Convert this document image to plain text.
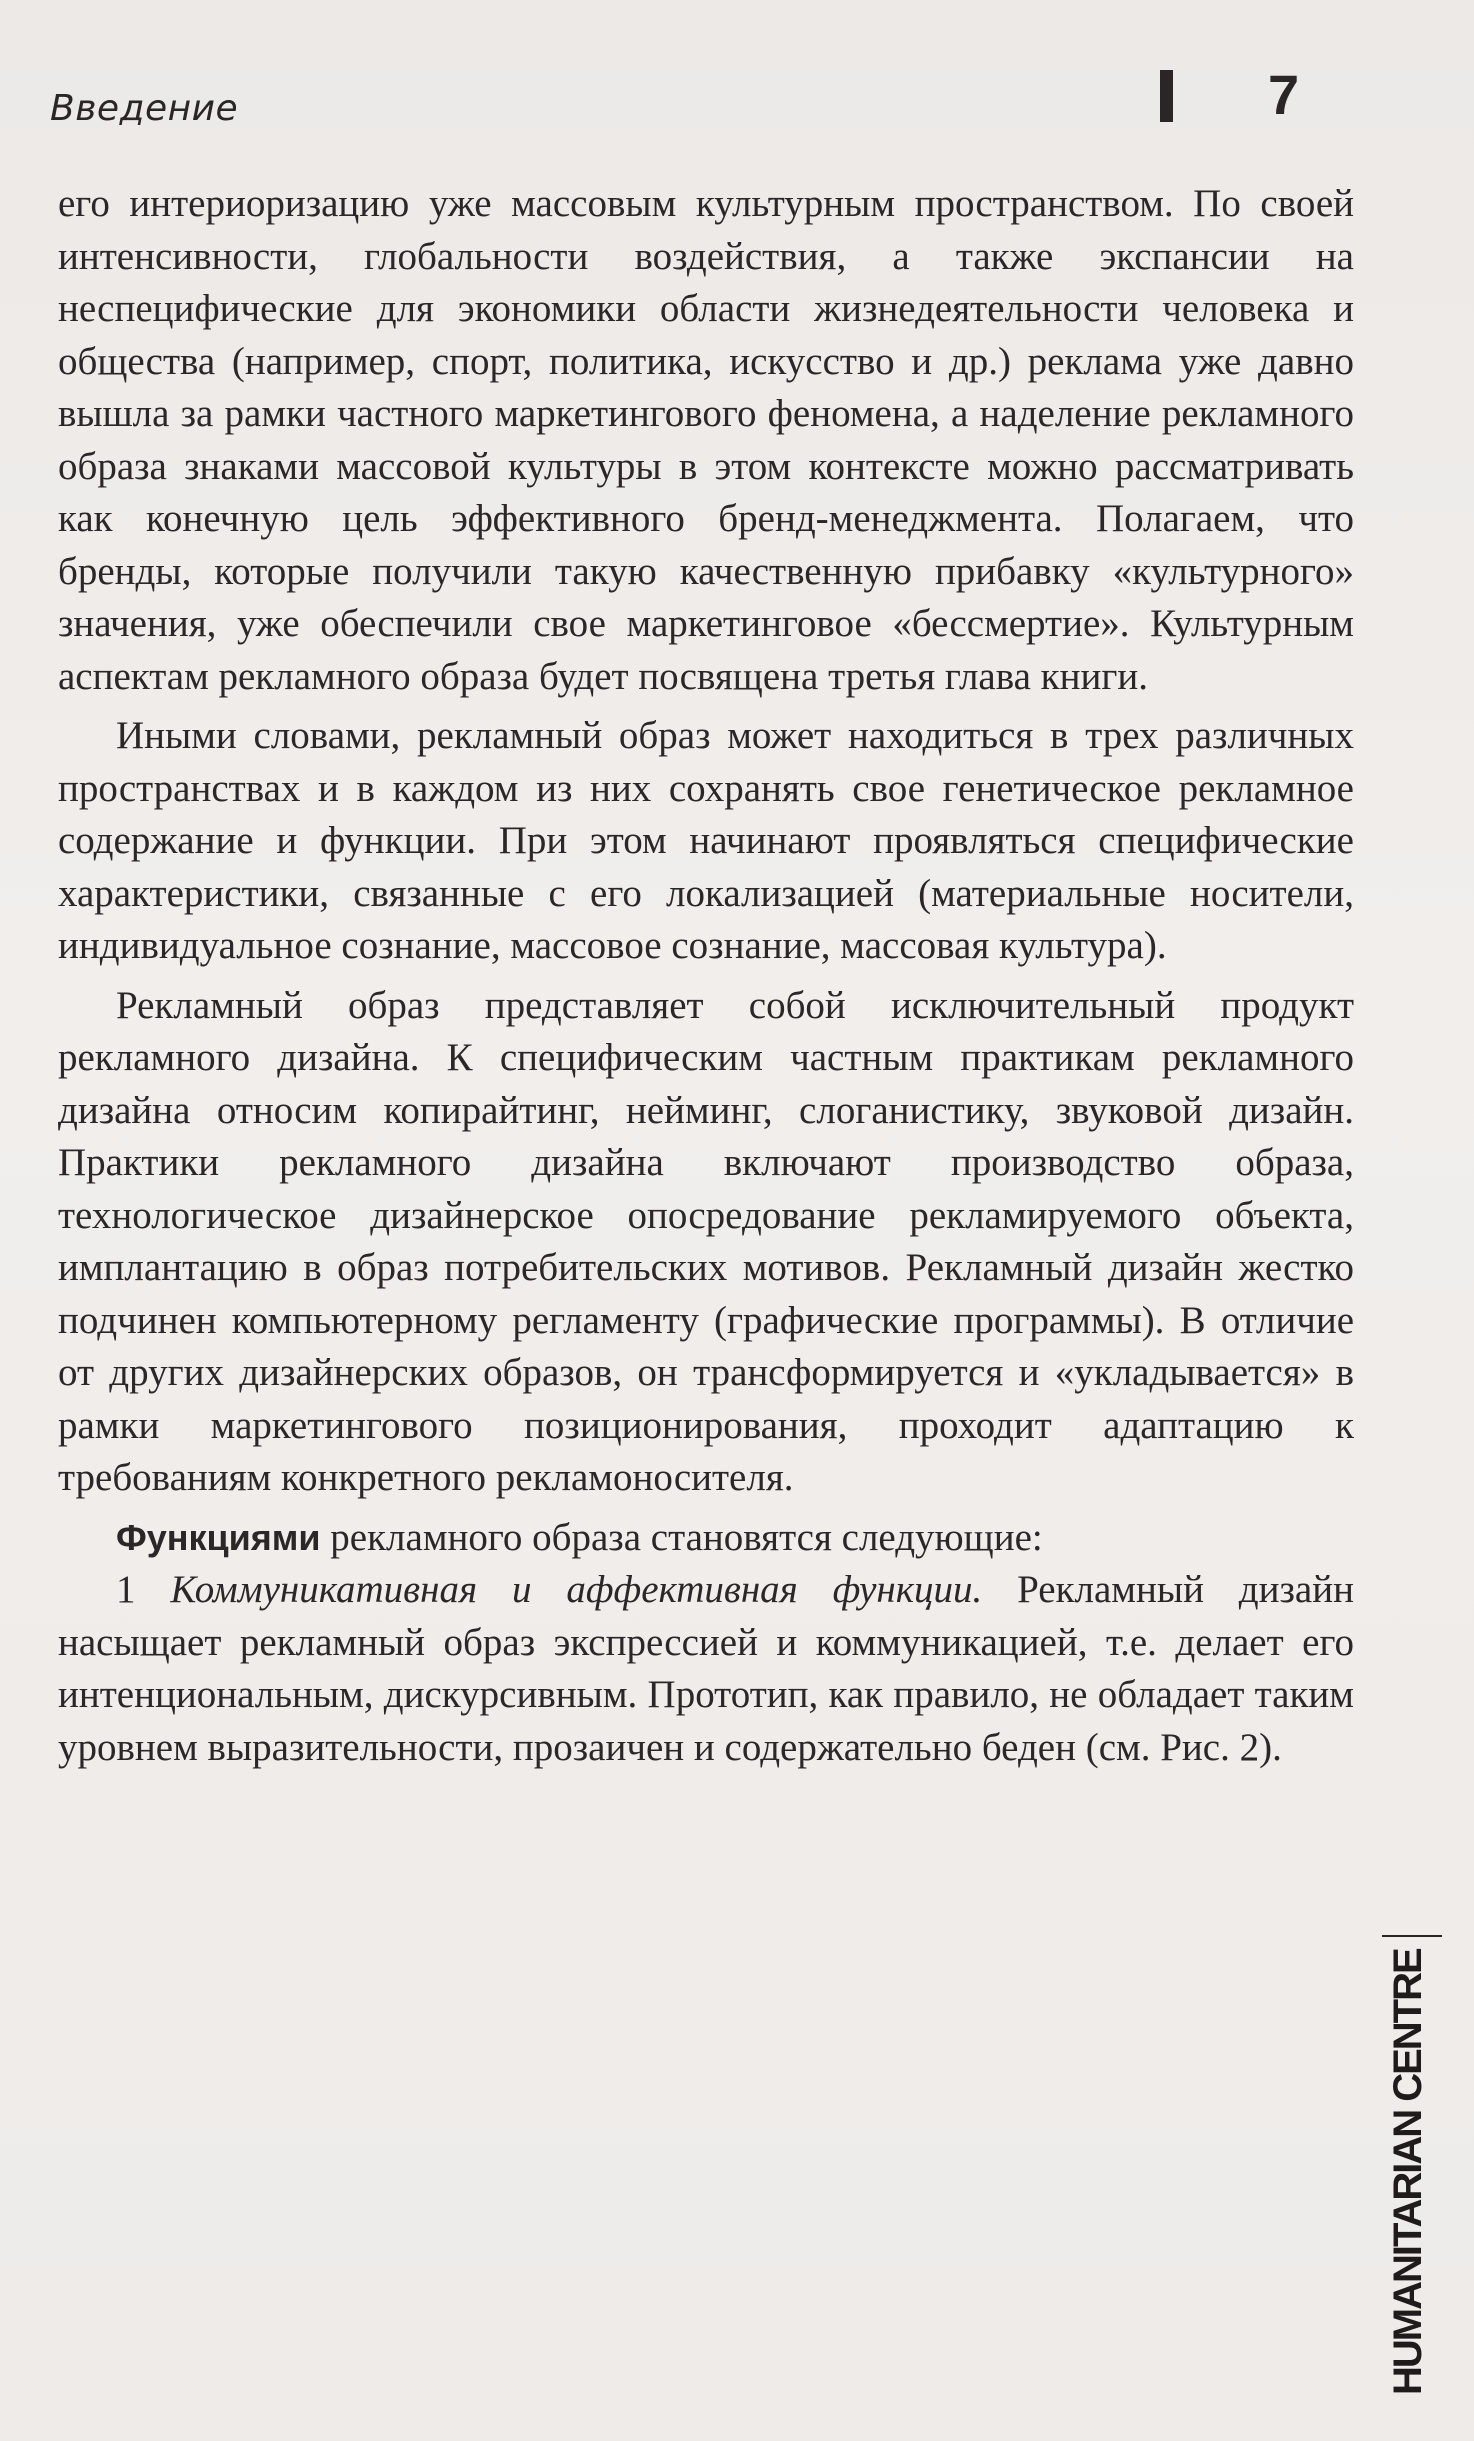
Введение	7

его интериоризацию уже массовым культурным пространством. По своей интенсивности, глобальности воздействия, а также экспансии на неспецифические для экономики области жизнедеятельности человека и общества (например, спорт, политика, искусство и др.) реклама уже давно вышла за рамки частного маркетингового феномена, а наделение рекламного образа знаками массовой культуры в этом контексте можно рассматривать как конечную цель эффективного бренд-менеджмента. Полагаем, что бренды, которые получили такую качественную прибавку «культурного» значения, уже обеспечили свое маркетинговое «бессмертие». Культурным аспектам рекламного образа будет посвящена третья глава книги.

Иными словами, рекламный образ может находиться в трех различных пространствах и в каждом из них сохранять свое генетическое рекламное содержание и функции. При этом начинают проявляться специфические характеристики, связанные с его локализацией (материальные носители, индивидуальное сознание, массовое сознание, массовая культура).

Рекламный образ представляет собой исключительный продукт рекламного дизайна. К специфическим частным практикам рекламного дизайна относим копирайтинг, нейминг, слоганистику, звуковой дизайн. Практики рекламного дизайна включают производство образа, технологическое дизайнерское опосредование рекламируемого объекта, имплантацию в образ потребительских мотивов. Рекламный дизайн жестко подчинен компьютерному регламенту (графические программы). В отличие от других дизайнерских образов, он трансформируется и «укладывается» в рамки маркетингового позиционирования, проходит адаптацию к требованиям конкретного рекламоносителя.

Функциями рекламного образа становятся следующие:

1 Коммуникативная и аффективная функции. Рекламный дизайн насыщает рекламный образ экспрессией и коммуникацией, т.е. делает его интенциональным, дискурсивным. Прототип, как правило, не обладает таким уровнем выразительности, прозаичен и содержательно беден (см. Рис. 2).

HUMANITARIAN CENTRE
